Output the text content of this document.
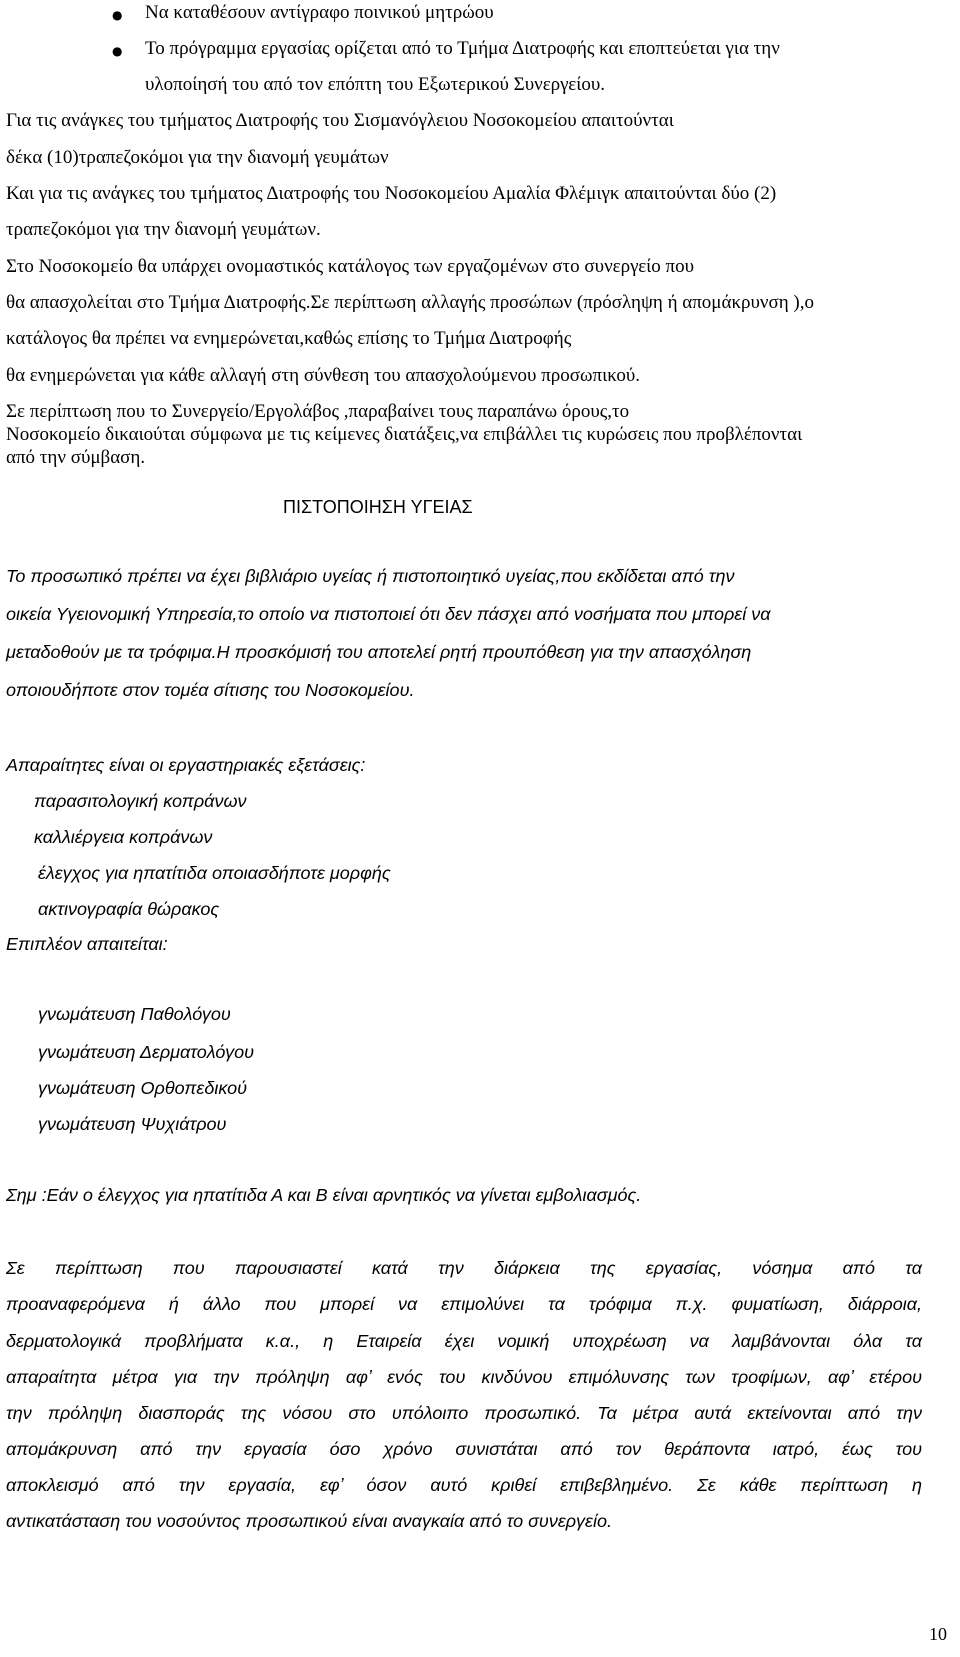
● Να καταθέσουν αντίγραφο ποινικού μητρώου
● Το πρόγραμμα εργασίας ορίζεται από το Τμήμα Διατροφής και εποπτεύεται για την
υλοποίησή του από τον επόπτη του Εξωτερικού Συνεργείου.
Για τις ανάγκες του τμήματος Διατροφής του Σισμανόγλειου Νοσοκομείου απαιτούνται
δέκα (10)τραπεζοκόμοι για την διανομή γευμάτων
Και για τις ανάγκες του τμήματος Διατροφής του Νοσοκομείου Αμαλία Φλέμιγκ απαιτούνται δύο (2)
τραπεζοκόμοι για την διανομή γευμάτων.
Στο Νοσοκομείο θα υπάρχει ονομαστικός κατάλογος των εργαζομένων στο συνεργείο που
θα απασχολείται στο Τμήμα Διατροφής.Σε περίπτωση αλλαγής προσώπων (πρόσληψη ή απομάκρυνση ),ο
κατάλογος θα πρέπει να ενημερώνεται,καθώς επίσης το Τμήμα Διατροφής
θα ενημερώνεται για κάθε αλλαγή στη σύνθεση του απασχολούμενου προσωπικού.
Σε περίπτωση που το Συνεργείο/Εργολάβος ,παραβαίνει τους παραπάνω όρους,το
Νοσοκομείο δικαιούται σύμφωνα με τις κείμενες διατάξεις,να επιβάλλει τις κυρώσεις που προβλέπονται
από την σύμβαση.
ΠΙΣΤΟΠΟΙΗΣΗ ΥΓΕΙΑΣ
Το προσωπικό πρέπει να έχει βιβλιάριο υγείας ή πιστοποιητικό υγείας,που εκδίδεται από την
οικεία Υγειονομική Υπηρεσία,το οποίο να πιστοποιεί ότι δεν πάσχει από νοσήματα που μπορεί να
μεταδοθούν με τα τρόφιμα.Η προσκόμισή του αποτελεί ρητή προυπόθεση για την απασχόληση
οποιουδήποτε στον τομέα σίτισης του Νοσοκομείου.
Απαραίτητες είναι οι εργαστηριακές εξετάσεις:
παρασιτολογική κοπράνων
καλλιέργεια κοπράνων
έλεγχος για ηπατίτιδα οποιασδήποτε μορφής
ακτινογραφία θώρακος
Επιπλέον απαιτείται:
γνωμάτευση Παθολόγου
γνωμάτευση Δερματολόγου
γνωμάτευση Ορθοπεδικού
γνωμάτευση Ψυχιάτρου
Σημ :Εάν ο έλεγχος για ηπατίτιδα Α και Β είναι αρνητικός να γίνεται εμβολιασμός.
Σε περίπτωση που παρουσιαστεί κατά την διάρκεια της εργασίας, νόσημα από τα
προαναφερόμενα ή άλλο που μπορεί να επιμολύνει τα τρόφιμα π.χ. φυματίωση, διάρροια,
δερματολογικά προβλήματα κ.α., η Εταιρεία έχει νομική υποχρέωση να λαμβάνονται όλα τα
απαραίτητα μέτρα για την πρόληψη αφ’ ενός του κινδύνου επιμόλυνσης των τροφίμων, αφ’ ετέρου
την πρόληψη διασποράς της νόσου στο υπόλοιπο προσωπικό. Τα μέτρα αυτά εκτείνονται από την
απομάκρυνση από την εργασία όσο χρόνο συνιστάται από τον θεράποντα ιατρό, έως του
αποκλεισμό από την εργασία, εφ’ όσον αυτό κριθεί επιβεβλημένο. Σε κάθε περίπτωση η
αντικατάσταση του νοσούντος προσωπικού είναι αναγκαία από το συνεργείο.
10
